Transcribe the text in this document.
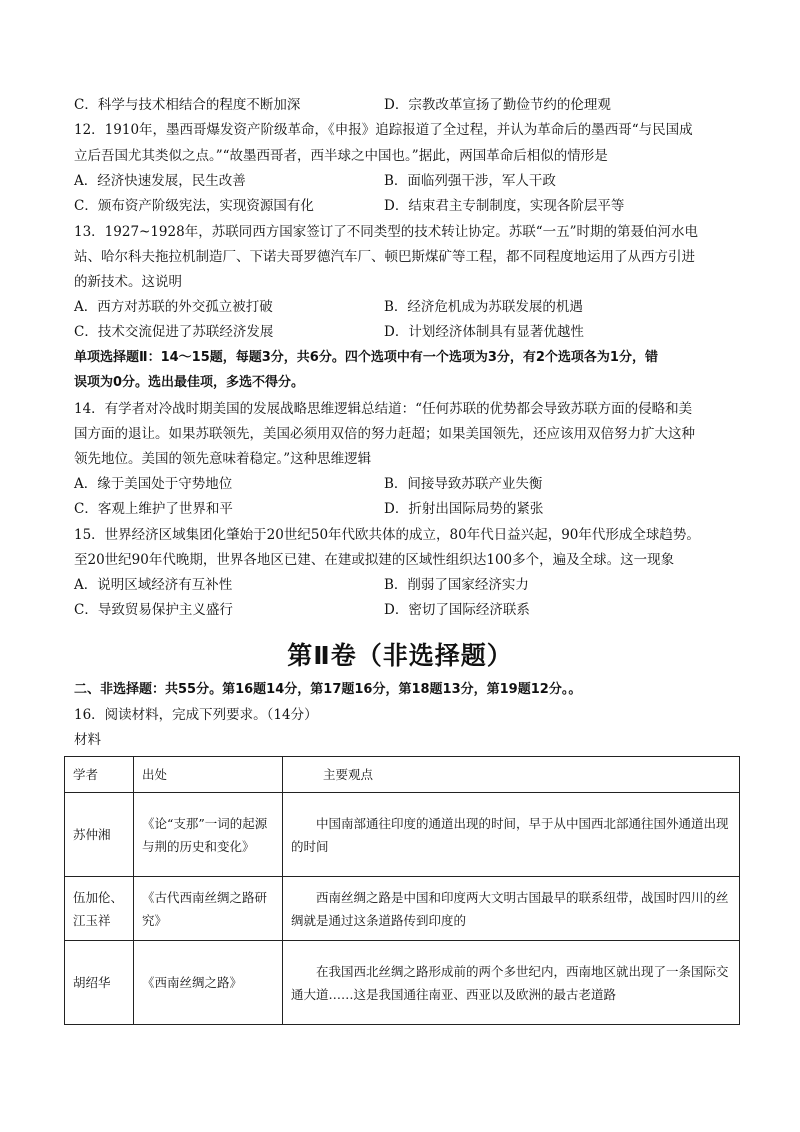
C．科学与技术相结合的程度不断加深	D．宗教改革宣扬了勤俭节约的伦理观
12．1910年，墨西哥爆发资产阶级革命，《申报》追踪报道了全过程，并认为革命后的墨西哥“与民国成
立后吾国尤其类似之点。”“故墨西哥者，西半球之中国也。”据此，两国革命后相似的情形是
A．经济快速发展，民生改善	B．面临列强干涉，军人干政
C．颁布资产阶级宪法，实现资源国有化	D．结束君主专制制度，实现各阶层平等
13．1927~1928年，苏联同西方国家签订了不同类型的技术转让协定。苏联“一五”时期的第聂伯河水电
站、哈尔科夫拖拉机制造厂、下诺夫哥罗德汽车厂、顿巴斯煤矿等工程，都不同程度地运用了从西方引进
的新技术。这说明
A．西方对苏联的外交孤立被打破	B．经济危机成为苏联发展的机遇
C．技术交流促进了苏联经济发展	D．计划经济体制具有显著优越性
单项选择题Ⅱ：14～15题，每题3分，共6分。四个选项中有一个选项为3分，有2个选项各为1分，错
误项为0分。选出最佳项，多选不得分。
14．有学者对冷战时期美国的发展战略思维逻辑总结道：“任何苏联的优势都会导致苏联方面的侵略和美
国方面的退让。如果苏联领先，美国必须用双倍的努力赶超；如果美国领先，还应该用双倍努力扩大这种
领先地位。美国的领先意味着稳定。”这种思维逻辑
A．缘于美国处于守势地位	B．间接导致苏联产业失衡
C．客观上维护了世界和平	D．折射出国际局势的紧张
15．世界经济区域集团化肇始于20世纪50年代欧共体的成立，80年代日益兴起，90年代形成全球趋势。
至20世纪90年代晚期，世界各地区已建、在建或拟建的区域性组织达100多个，遍及全球。这一现象
A．说明区域经济有互补性	B．削弱了国家经济实力
C．导致贸易保护主义盛行	D．密切了国际经济联系
第Ⅱ卷（非选择题）
二、非选择题：共55分。第16题14分，第17题16分，第18题13分，第19题12分。。
16．阅读材料，完成下列要求。（14分）
材料
学者	出处	主要观点

苏仲湘	《论“支那”一词的起源与荆的历史和变化》	中国南部通往印度的通道出现的时间，早于从中国西北部通往国外通道出现的时间

伍加伦、江玉祥	《古代西南丝绸之路研究》	西南丝绸之路是中国和印度两大文明古国最早的联系纽带，战国时四川的丝绸就是通过这条道路传到印度的

胡绍华	《西南丝绸之路》	在我国西北丝绸之路形成前的两个多世纪内，西南地区就出现了一条国际交通大道……这是我国通往南亚、西亚以及欧洲的最古老道路
